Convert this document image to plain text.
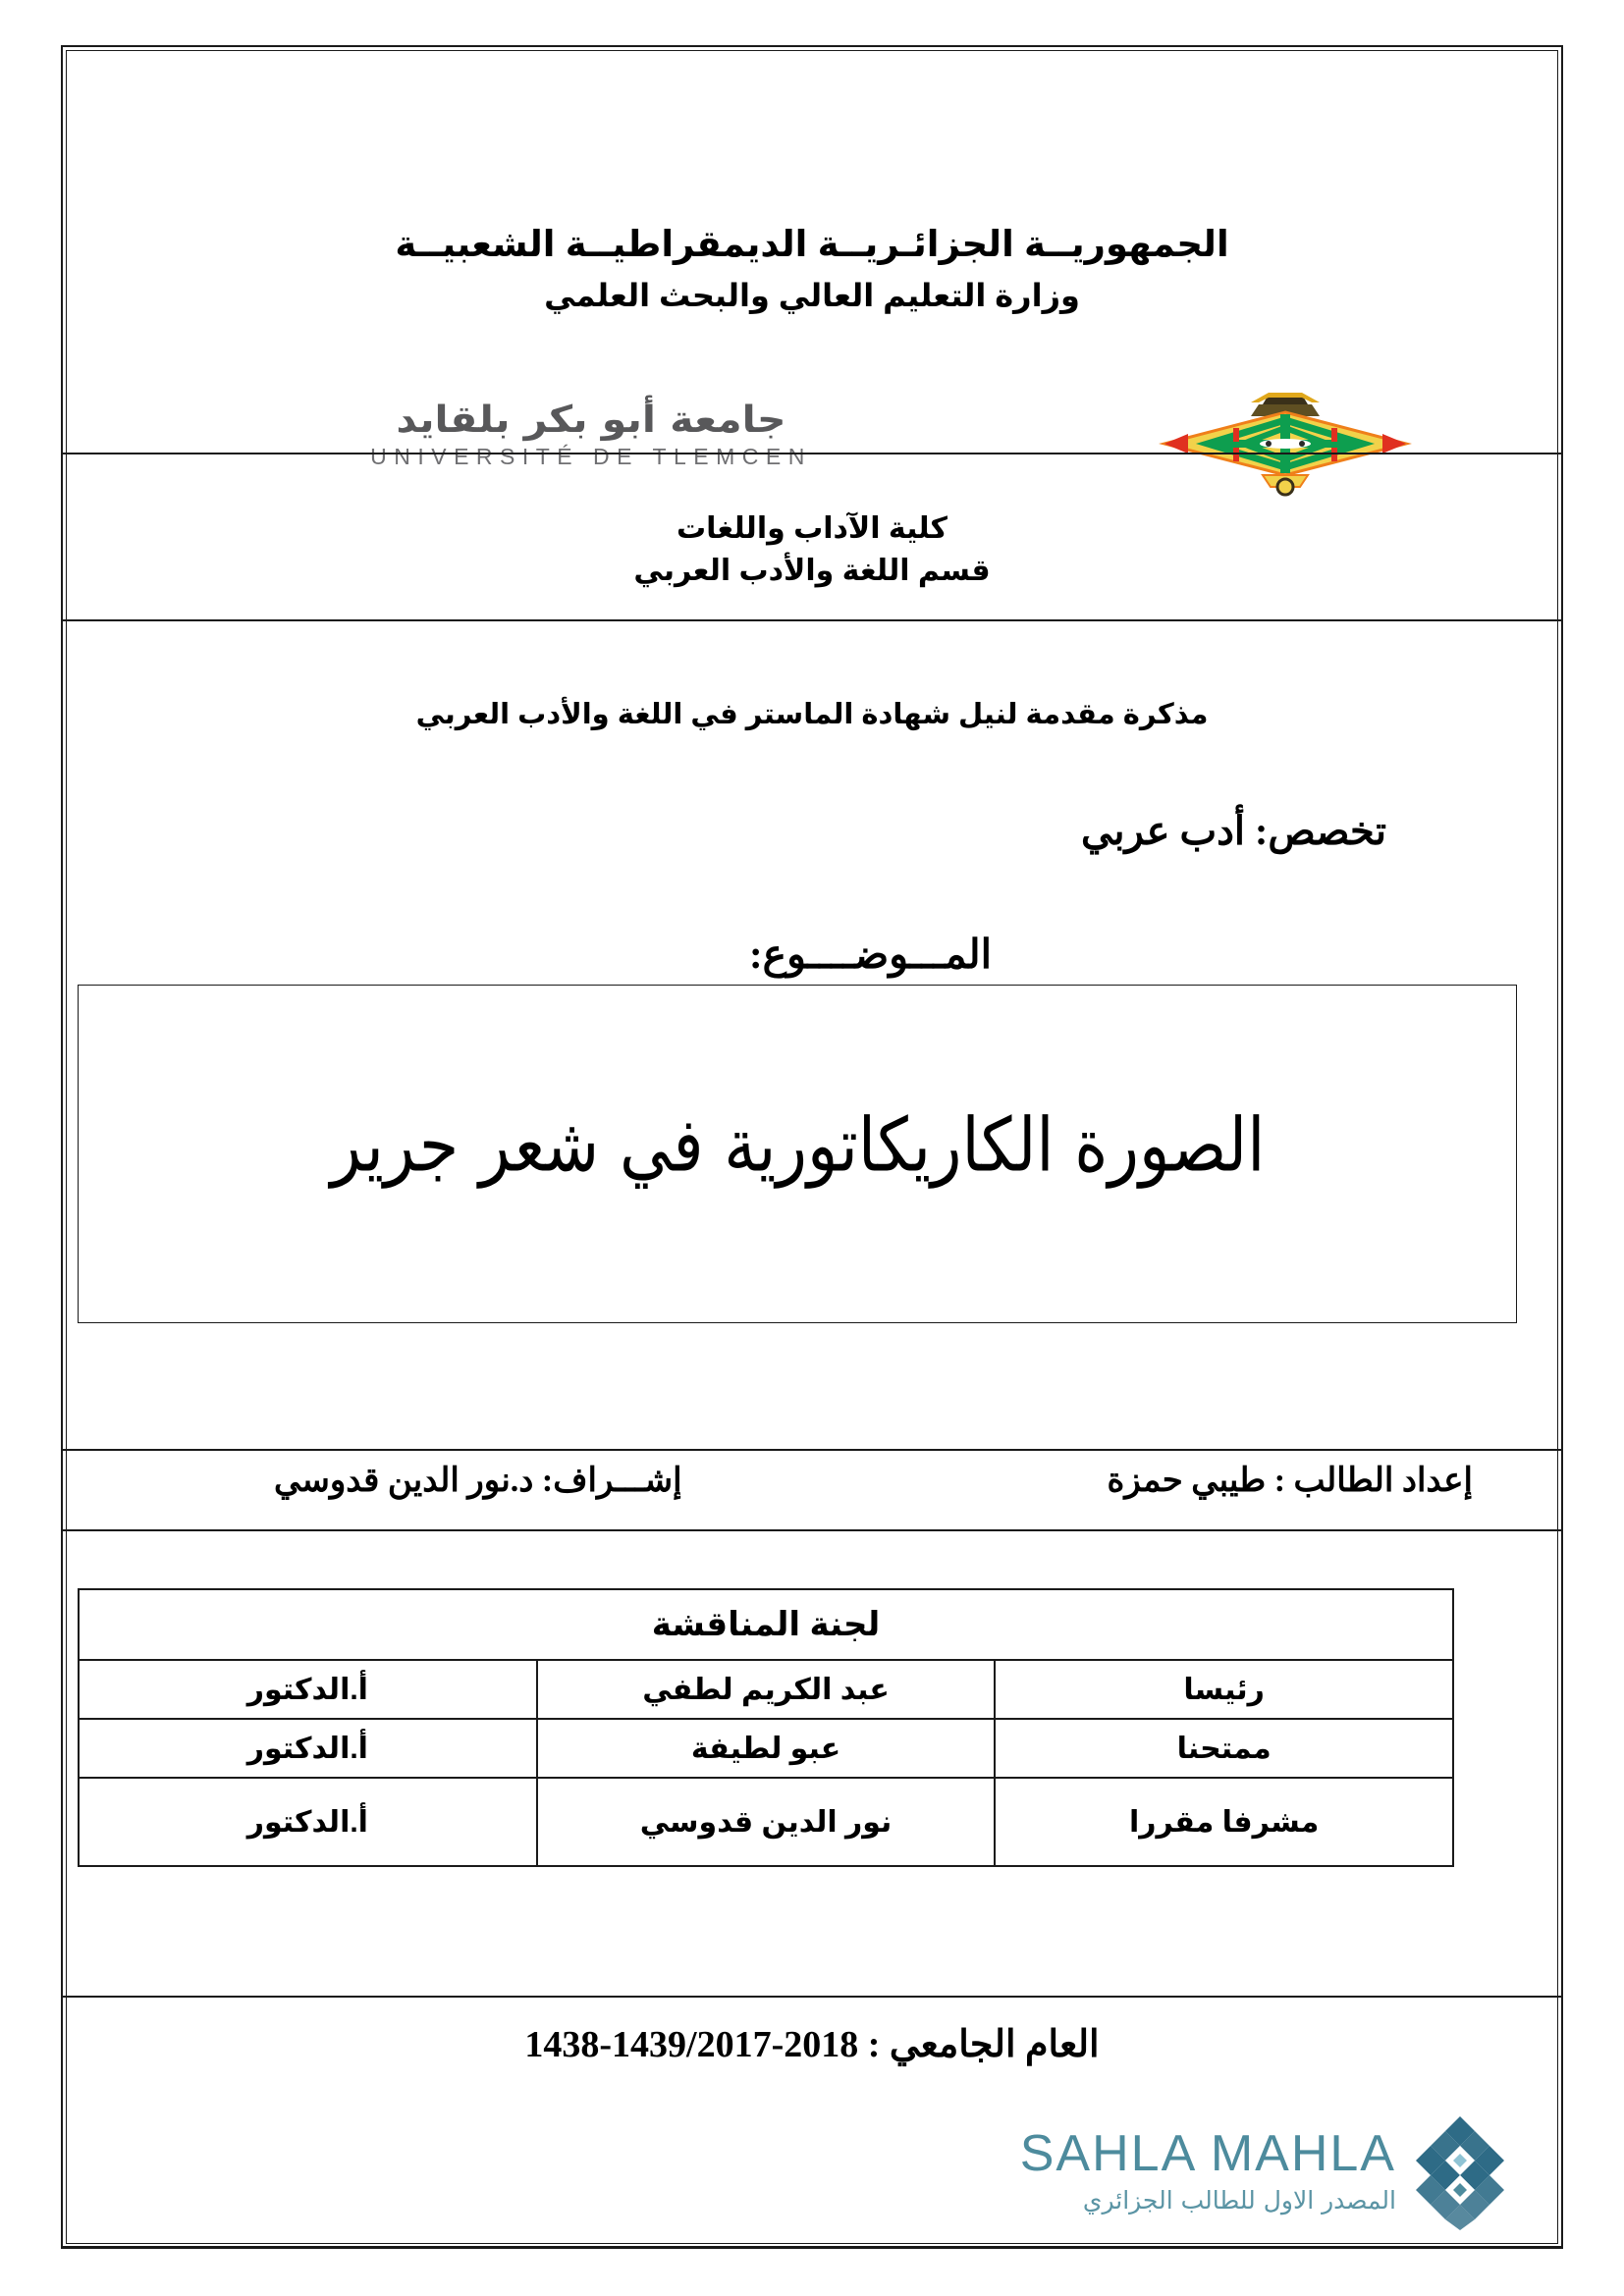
الجمهوريــة الجزائـريــة الديمقراطيــة الشعبيــة
وزارة التعليم العالي والبحث العلمي
جامعة أبو بكر بلقايد
UNIVERSITÉ DE TLEMCEN
كلية الآداب واللغات
قسم اللغة والأدب العربي
مذكرة مقدمة لنيل شهادة الماستر في اللغة والأدب العربي
تخصص: أدب عربي
المـــوضــــوع:
الصورة الكاريكاتورية في شعر جرير
إعداد الطالب : طيبي حمزة
إشـــراف: د.نور الدين قدوسي
لجنة المناقشة		
رئيسا	عبد الكريم لطفي	أ.الدكتور
ممتحنا	عبو لطيفة	أ.الدكتور
مشرفا مقررا	نور الدين قدوسي	أ.الدكتور
العام الجامعي : 1438-1439/2017-2018
SAHLA MAHLA
المصدر الاول للطالب الجزائري
